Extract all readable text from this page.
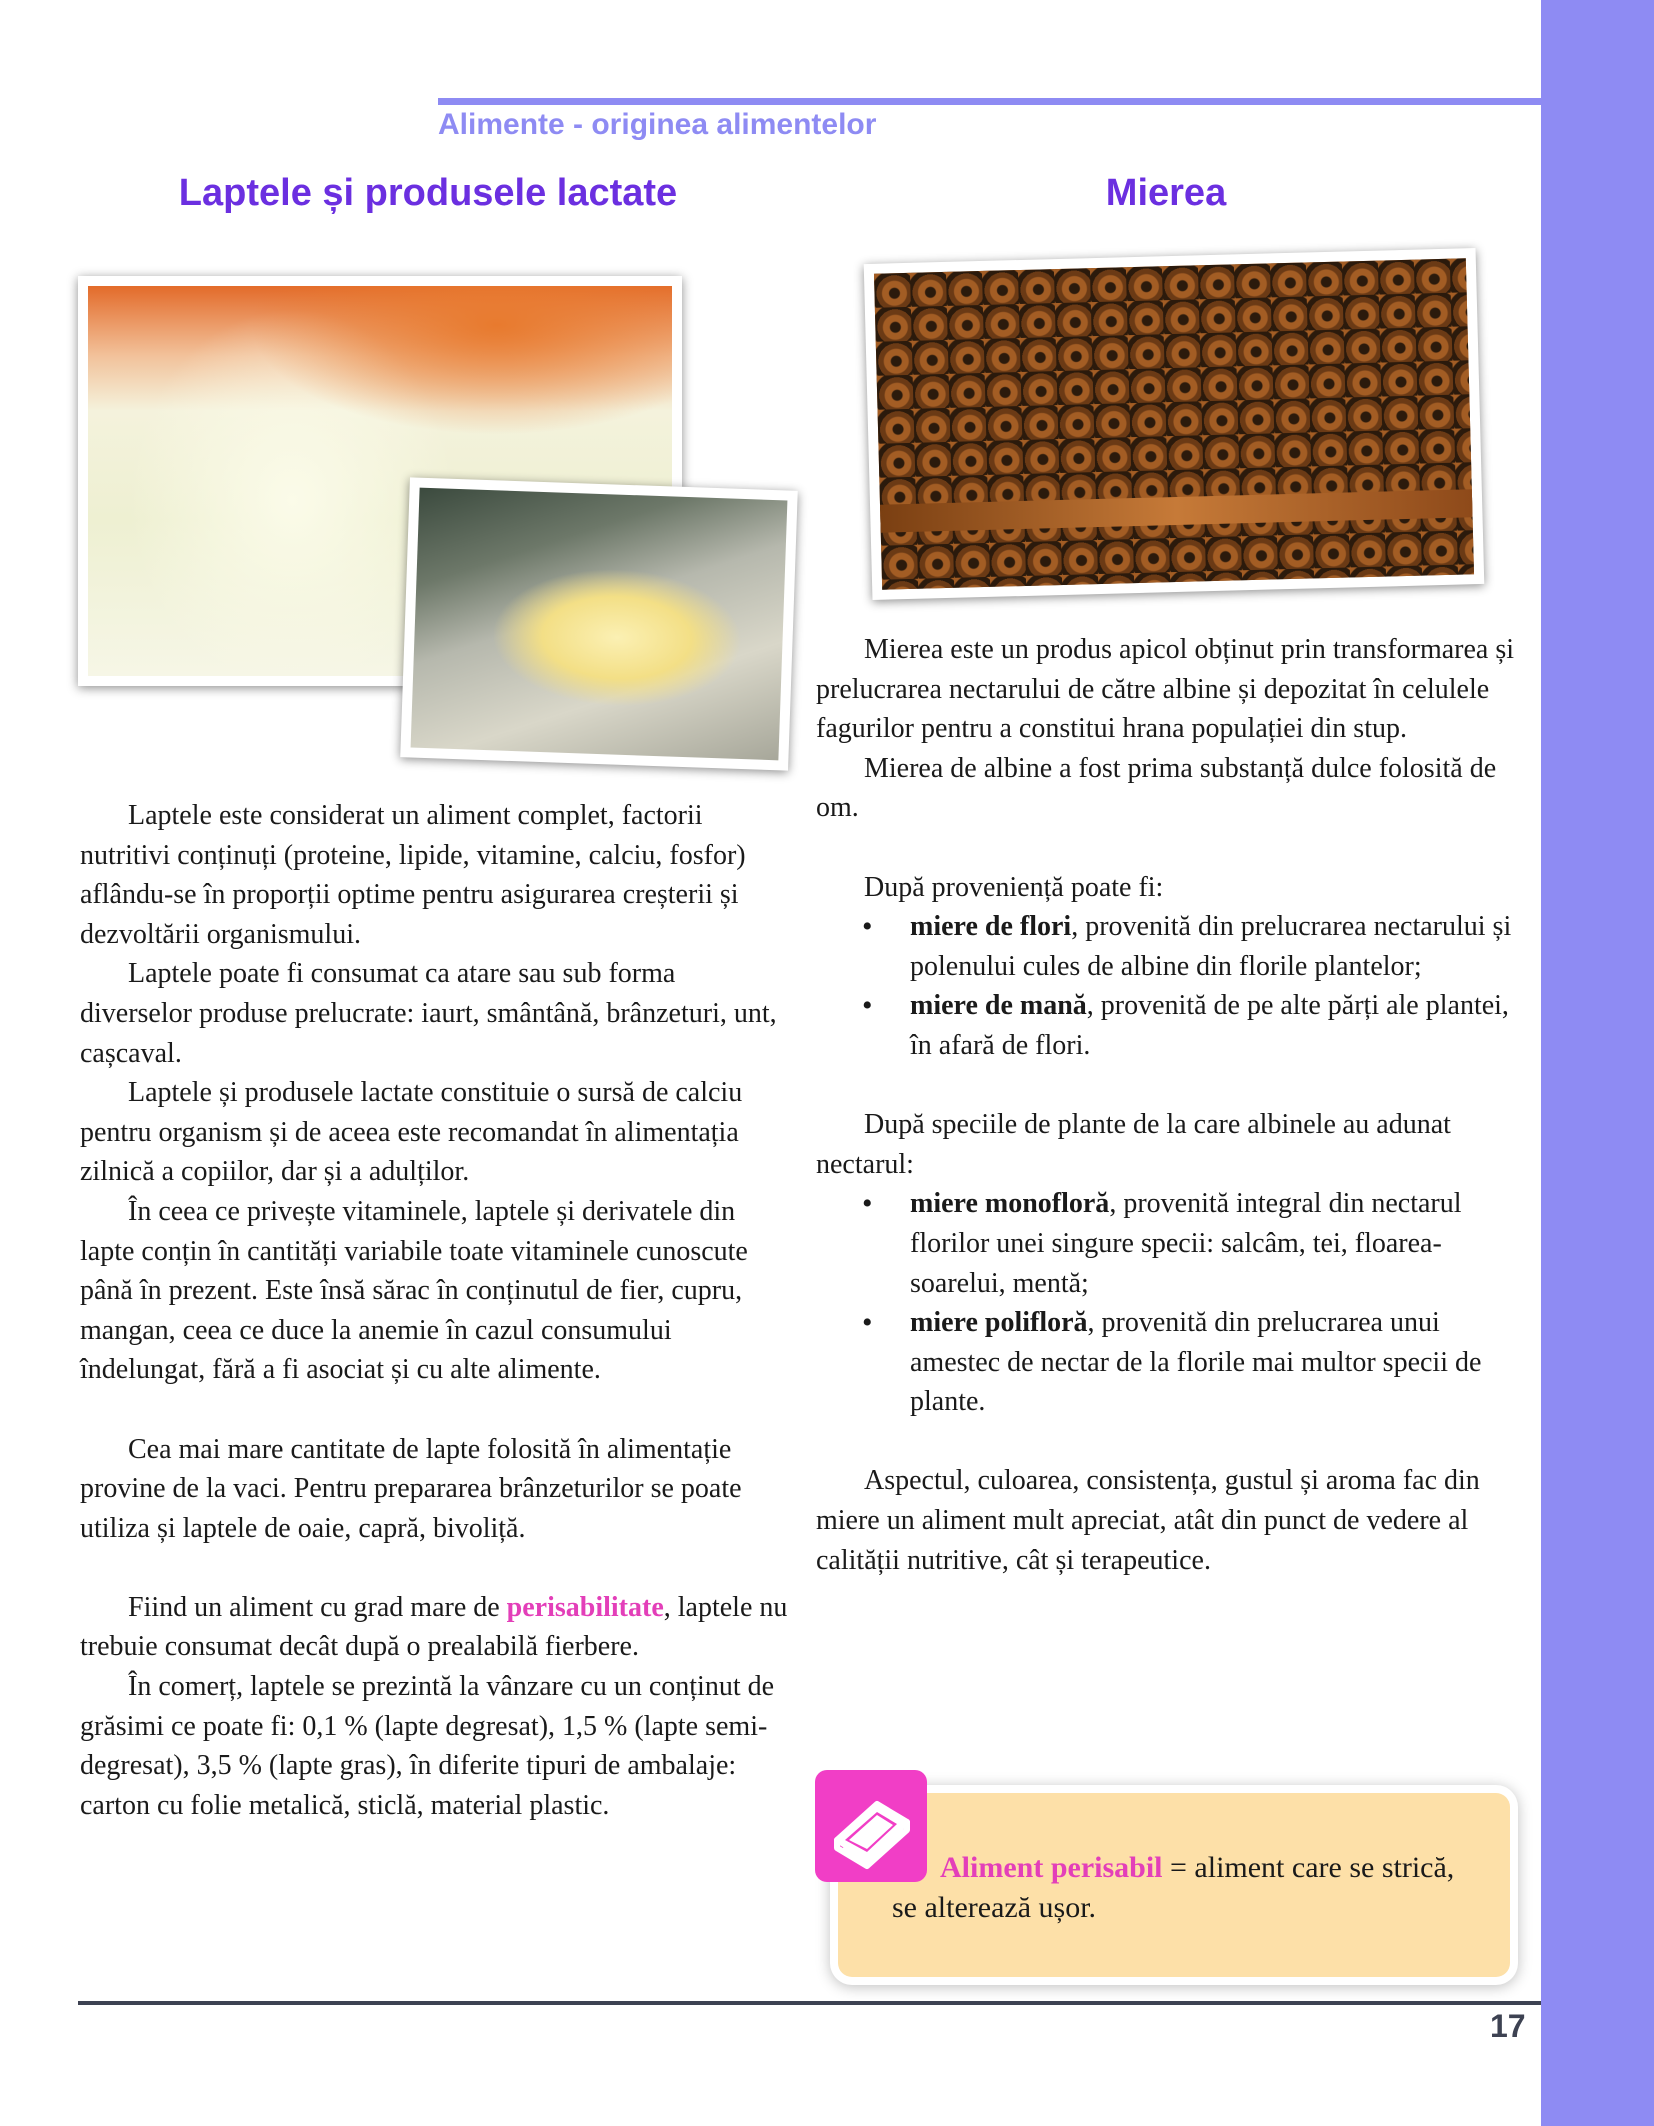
Alimente - originea alimentelor
Laptele și produsele lactate

Laptele este considerat un aliment complet, factorii nutritivi conținuți (proteine, lipide, vitamine, calciu, fosfor) aflându-se în proporții optime pentru asigurarea creșterii și dezvoltării organismului.

Laptele poate fi consumat ca atare sau sub forma diverselor produse prelucrate: iaurt, smântână, brânzeturi, unt, cașcaval.

Laptele și produsele lactate constituie o sursă de calciu pentru organism și de aceea este recomandat în alimentația zilnică a copiilor, dar și a adulților.

În ceea ce privește vitaminele, laptele și derivatele din lapte conțin în cantități variabile toate vitaminele cunoscute până în prezent. Este însă sărac în conținutul de fier, cupru, mangan, ceea ce duce la anemie în cazul consumului îndelungat, fără a fi asociat și cu alte alimente.

Cea mai mare cantitate de lapte folosită în alimentație provine de la vaci. Pentru prepararea brânzeturilor se poate utiliza și laptele de oaie, capră, bivoliță.

Fiind un aliment cu grad mare de perisabilitate, laptele nu trebuie consumat decât după o prealabilă fierbere.

În comerț, laptele se prezintă la vânzare cu un conținut de grăsimi ce poate fi: 0,1 % (lapte degresat), 1,5 % (lapte semi-degresat), 3,5 % (lapte gras), în diferite tipuri de ambalaje: carton cu folie metalică, sticlă, material plastic.

Mierea

Mierea este un produs apicol obținut prin transformarea și prelucrarea nectarului de către albine și depozitat în celulele fagurilor pentru a constitui hrana populației din stup.

Mierea de albine a fost prima substanță dulce folosită de om.

După proveniență poate fi:

• miere de flori, provenită din prelucrarea nectarului și polenului cules de albine din florile plantelor;
• miere de mană, provenită de pe alte părți ale plantei, în afară de flori.

După speciile de plante de la care albinele au adunat nectarul:

• miere monofloră, provenită integral din nectarul florilor unei singure specii: salcâm, tei, floarea-soarelui, mentă;
• miere polifloră, provenită din prelucrarea unui amestec de nectar de la florile mai multor specii de plante.

Aspectul, culoarea, consistența, gustul și aroma fac din miere un aliment mult apreciat, atât din punct de vedere al calității nutritive, cât și terapeutice.

Aliment perisabil = aliment care se strică, se alterează ușor.
17
